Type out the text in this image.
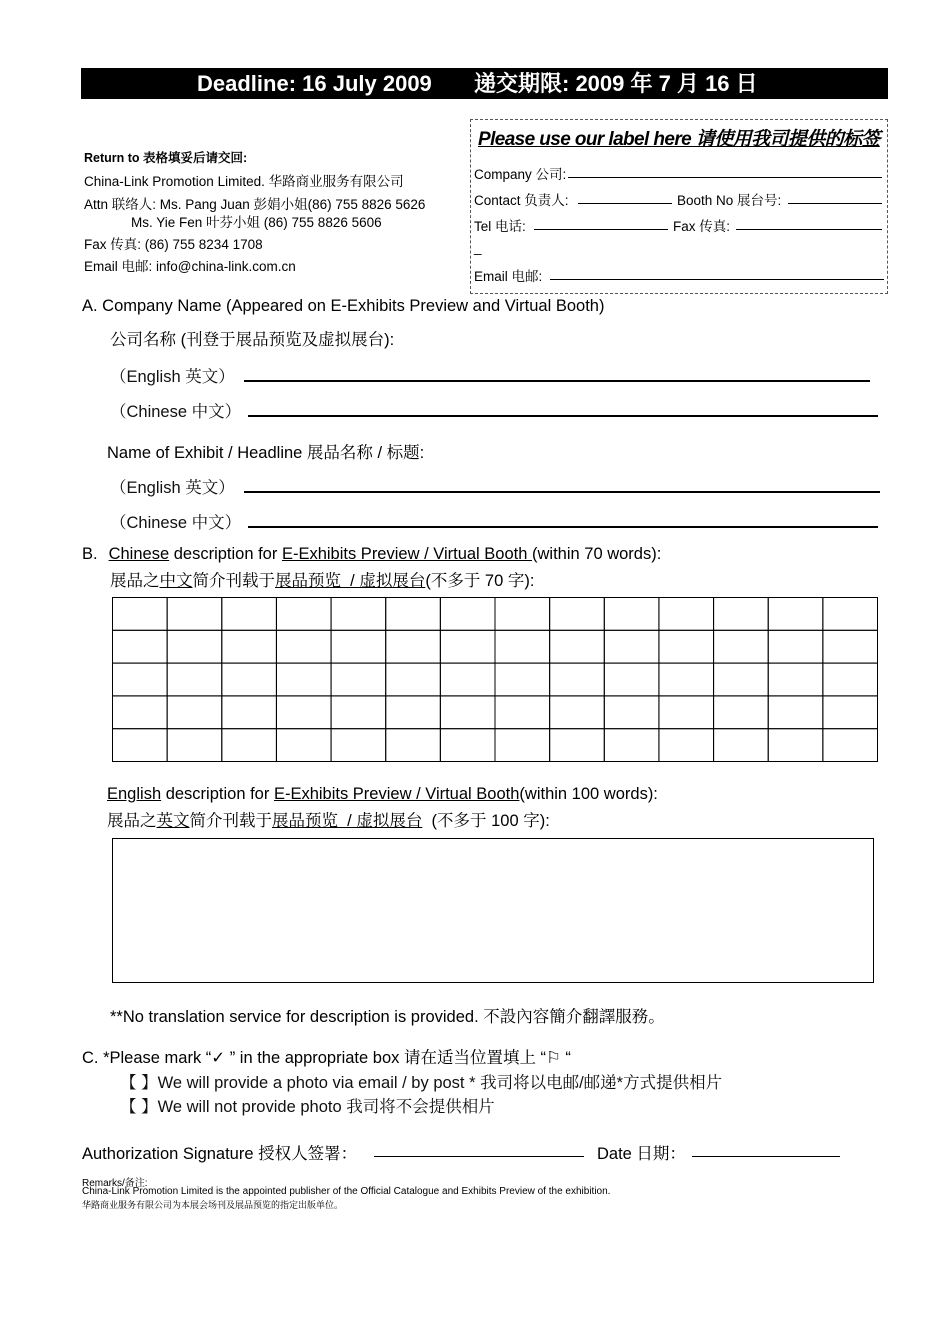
Deadline: 16 July 2009 递交期限: 2009 年 7 月 16 日
Return to 表格填妥后请交回:
China-Link Promotion Limited. 华路商业服务有限公司
Attn 联络人: Ms. Pang Juan 彭娟小姐(86) 755 8826 5626
Ms. Yie Fen 叶芬小姐 (86) 755 8826 5606
Fax 传真: (86) 755 8234 1708
Email 电邮: info@china-link.com.cn
Please use our label here 请使用我司提供的标签
Company 公司:
Contact 负责人:	Booth No 展台号:
Tel 电话:	Fax 传真:
_
Email 电邮:
A. Company Name (Appeared on E-Exhibits Preview and Virtual Booth)
公司名称 (刊登于展品预览及虚拟展台):
（English 英文）
（Chinese 中文）
Name of Exhibit / Headline 展品名称 / 标题:
（English 英文）
（Chinese 中文）
B. Chinese description for E-Exhibits Preview / Virtual Booth (within 70 words):
展品之中文简介刊载于展品预览  / 虚拟展台(不多于 70 字):
English description for E-Exhibits Preview / Virtual Booth(within 100 words):
展品之英文简介刊载于展品预览  / 虚拟展台  (不多于 100 字):
**No translation service for description is provided. 不設內容簡介翻譯服務。
C. *Please mark “✓ ” in the appropriate box 请在适当位置填上 “⚐ “
【 】We will provide a photo via email / by post * 我司将以电邮/邮递*方式提供相片
【 】We will not provide photo 我司将不会提供相片
Authorization Signature 授权人签署：	Date 日期：
Remarks/备注:
China-Link Promotion Limited is the appointed publisher of the Official Catalogue and Exhibits Preview of the exhibition.
华路商业服务有限公司为本展会场刊及展品预览的指定出版单位。
